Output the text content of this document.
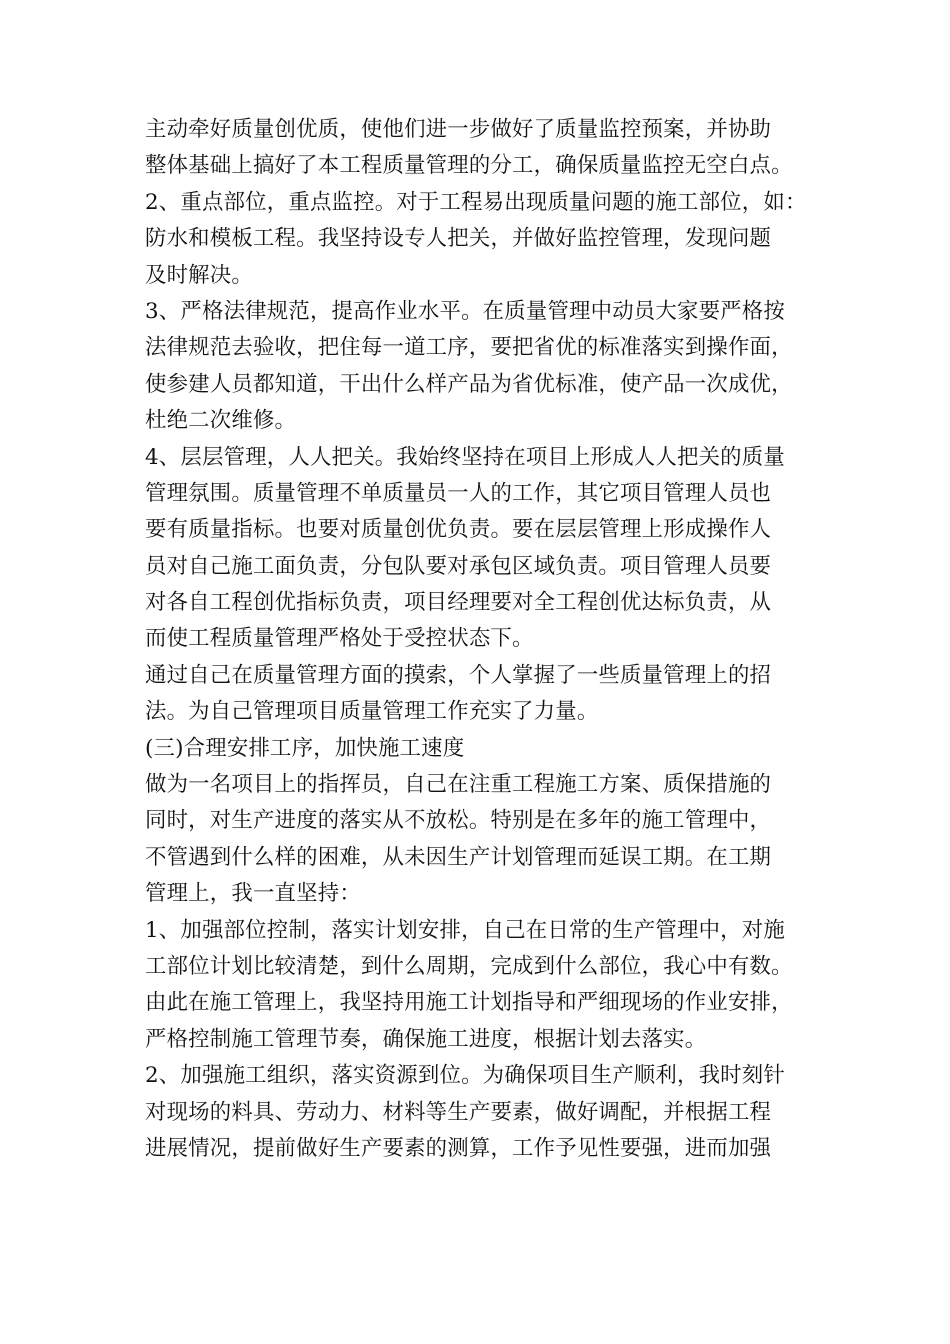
主动牵好质量创优质，使他们进一步做好了质量监控预案，并协助
整体基础上搞好了本工程质量管理的分工，确保质量监控无空白点。
2、重点部位，重点监控。对于工程易出现质量问题的施工部位，如：
防水和模板工程。我坚持设专人把关，并做好监控管理，发现问题
及时解决。
3、严格法律规范，提高作业水平。在质量管理中动员大家要严格按
法律规范去验收，把住每一道工序，要把省优的标准落实到操作面，
使参建人员都知道，干出什么样产品为省优标准，使产品一次成优，
杜绝二次维修。
4、层层管理，人人把关。我始终坚持在项目上形成人人把关的质量
管理氛围。质量管理不单质量员一人的工作，其它项目管理人员也
要有质量指标。也要对质量创优负责。要在层层管理上形成操作人
员对自己施工面负责，分包队要对承包区域负责。项目管理人员要
对各自工程创优指标负责，项目经理要对全工程创优达标负责，从
而使工程质量管理严格处于受控状态下。
通过自己在质量管理方面的摸索，个人掌握了一些质量管理上的招
法。为自己管理项目质量管理工作充实了力量。
(三)合理安排工序，加快施工速度
做为一名项目上的指挥员，自己在注重工程施工方案、质保措施的
同时，对生产进度的落实从不放松。特别是在多年的施工管理中，
不管遇到什么样的困难，从未因生产计划管理而延误工期。在工期
管理上，我一直坚持：
1、加强部位控制，落实计划安排，自己在日常的生产管理中，对施
工部位计划比较清楚，到什么周期，完成到什么部位，我心中有数。
由此在施工管理上，我坚持用施工计划指导和严细现场的作业安排，
严格控制施工管理节奏，确保施工进度，根据计划去落实。
2、加强施工组织，落实资源到位。为确保项目生产顺利，我时刻针
对现场的料具、劳动力、材料等生产要素，做好调配，并根据工程
进展情况，提前做好生产要素的测算，工作予见性要强，进而加强
